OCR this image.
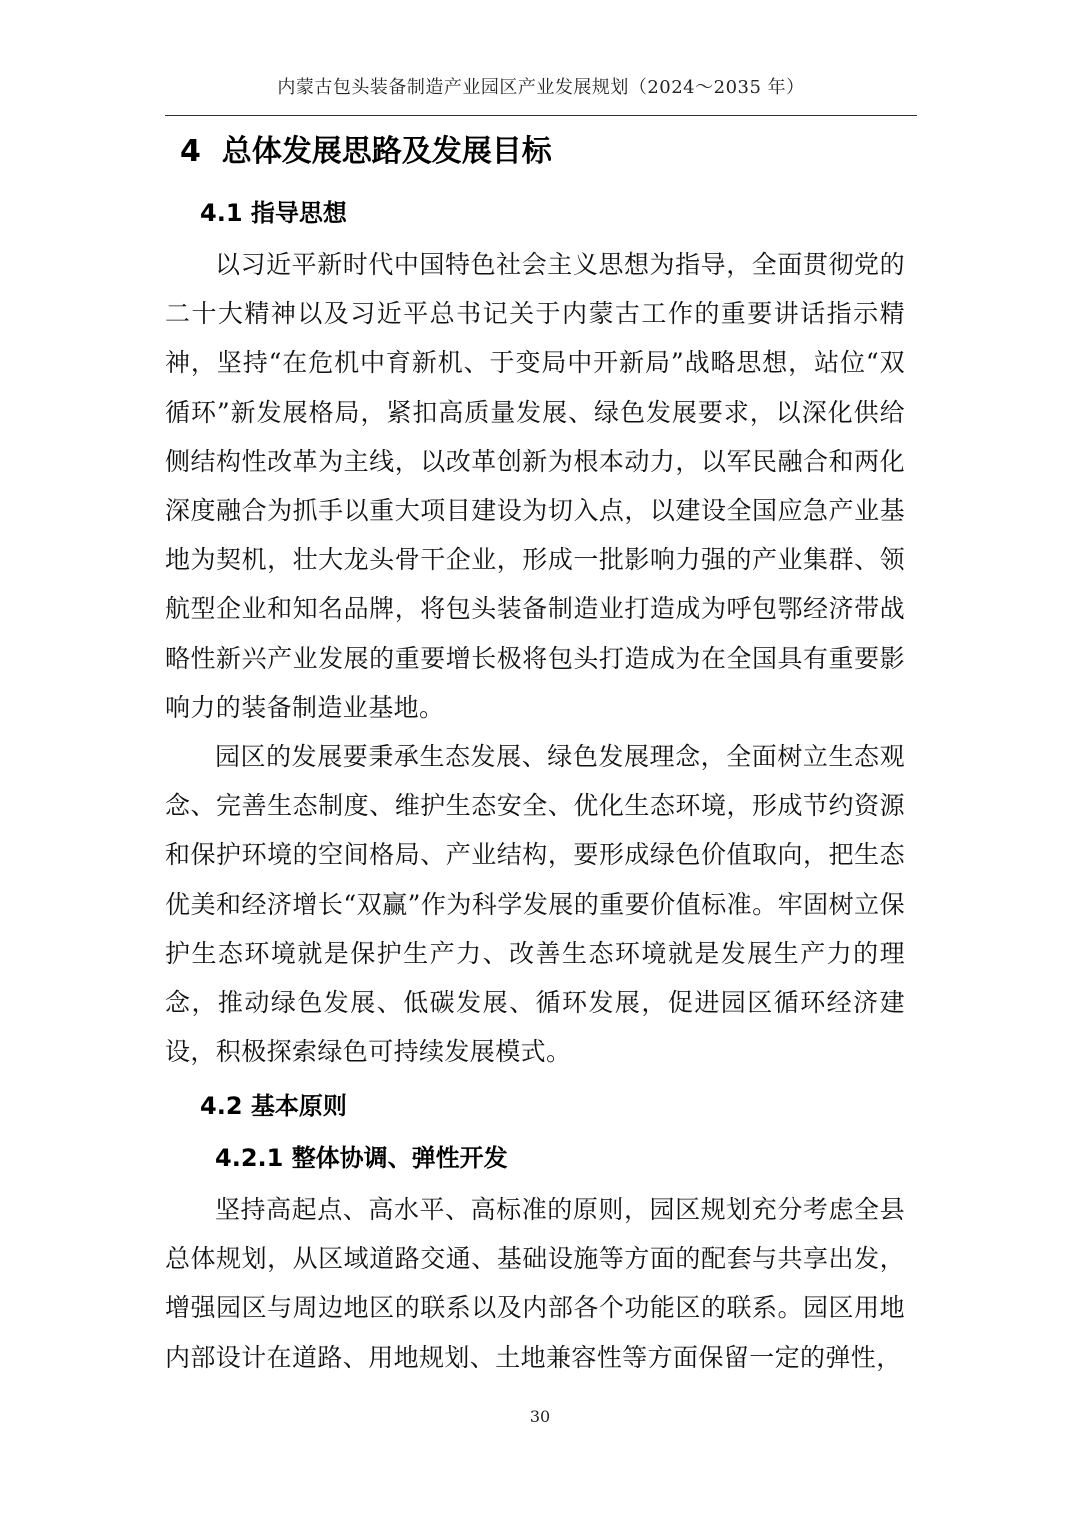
内蒙古包头装备制造产业园区产业发展规划（2024～2035 年）
4  总体发展思路及发展目标
4.1 指导思想

以习近平新时代中国特色社会主义思想为指导，全面贯彻党的二十大精神以及习近平总书记关于内蒙古工作的重要讲话指示精神，坚持“在危机中育新机、于变局中开新局”战略思想，站位“双循环”新发展格局，紧扣高质量发展、绿色发展要求，以深化供给侧结构性改革为主线，以改革创新为根本动力，以军民融合和两化深度融合为抓手以重大项目建设为切入点，以建设全国应急产业基地为契机，壮大龙头骨干企业，形成一批影响力强的产业集群、领航型企业和知名品牌，将包头装备制造业打造成为呼包鄂经济带战略性新兴产业发展的重要增长极将包头打造成为在全国具有重要影响力的装备制造业基地。

园区的发展要秉承生态发展、绿色发展理念，全面树立生态观念、完善生态制度、维护生态安全、优化生态环境，形成节约资源和保护环境的空间格局、产业结构，要形成绿色价值取向，把生态优美和经济增长“双赢”作为科学发展的重要价值标准。牢固树立保护生态环境就是保护生产力、改善生态环境就是发展生产力的理念，推动绿色发展、低碳发展、循环发展，促进园区循环经济建设，积极探索绿色可持续发展模式。

4.2 基本原则
4.2.1 整体协调、弹性开发

坚持高起点、高水平、高标准的原则，园区规划充分考虑全县总体规划，从区域道路交通、基础设施等方面的配套与共享出发，增强园区与周边地区的联系以及内部各个功能区的联系。园区用地内部设计在道路、用地规划、土地兼容性等方面保留一定的弹性，

30
